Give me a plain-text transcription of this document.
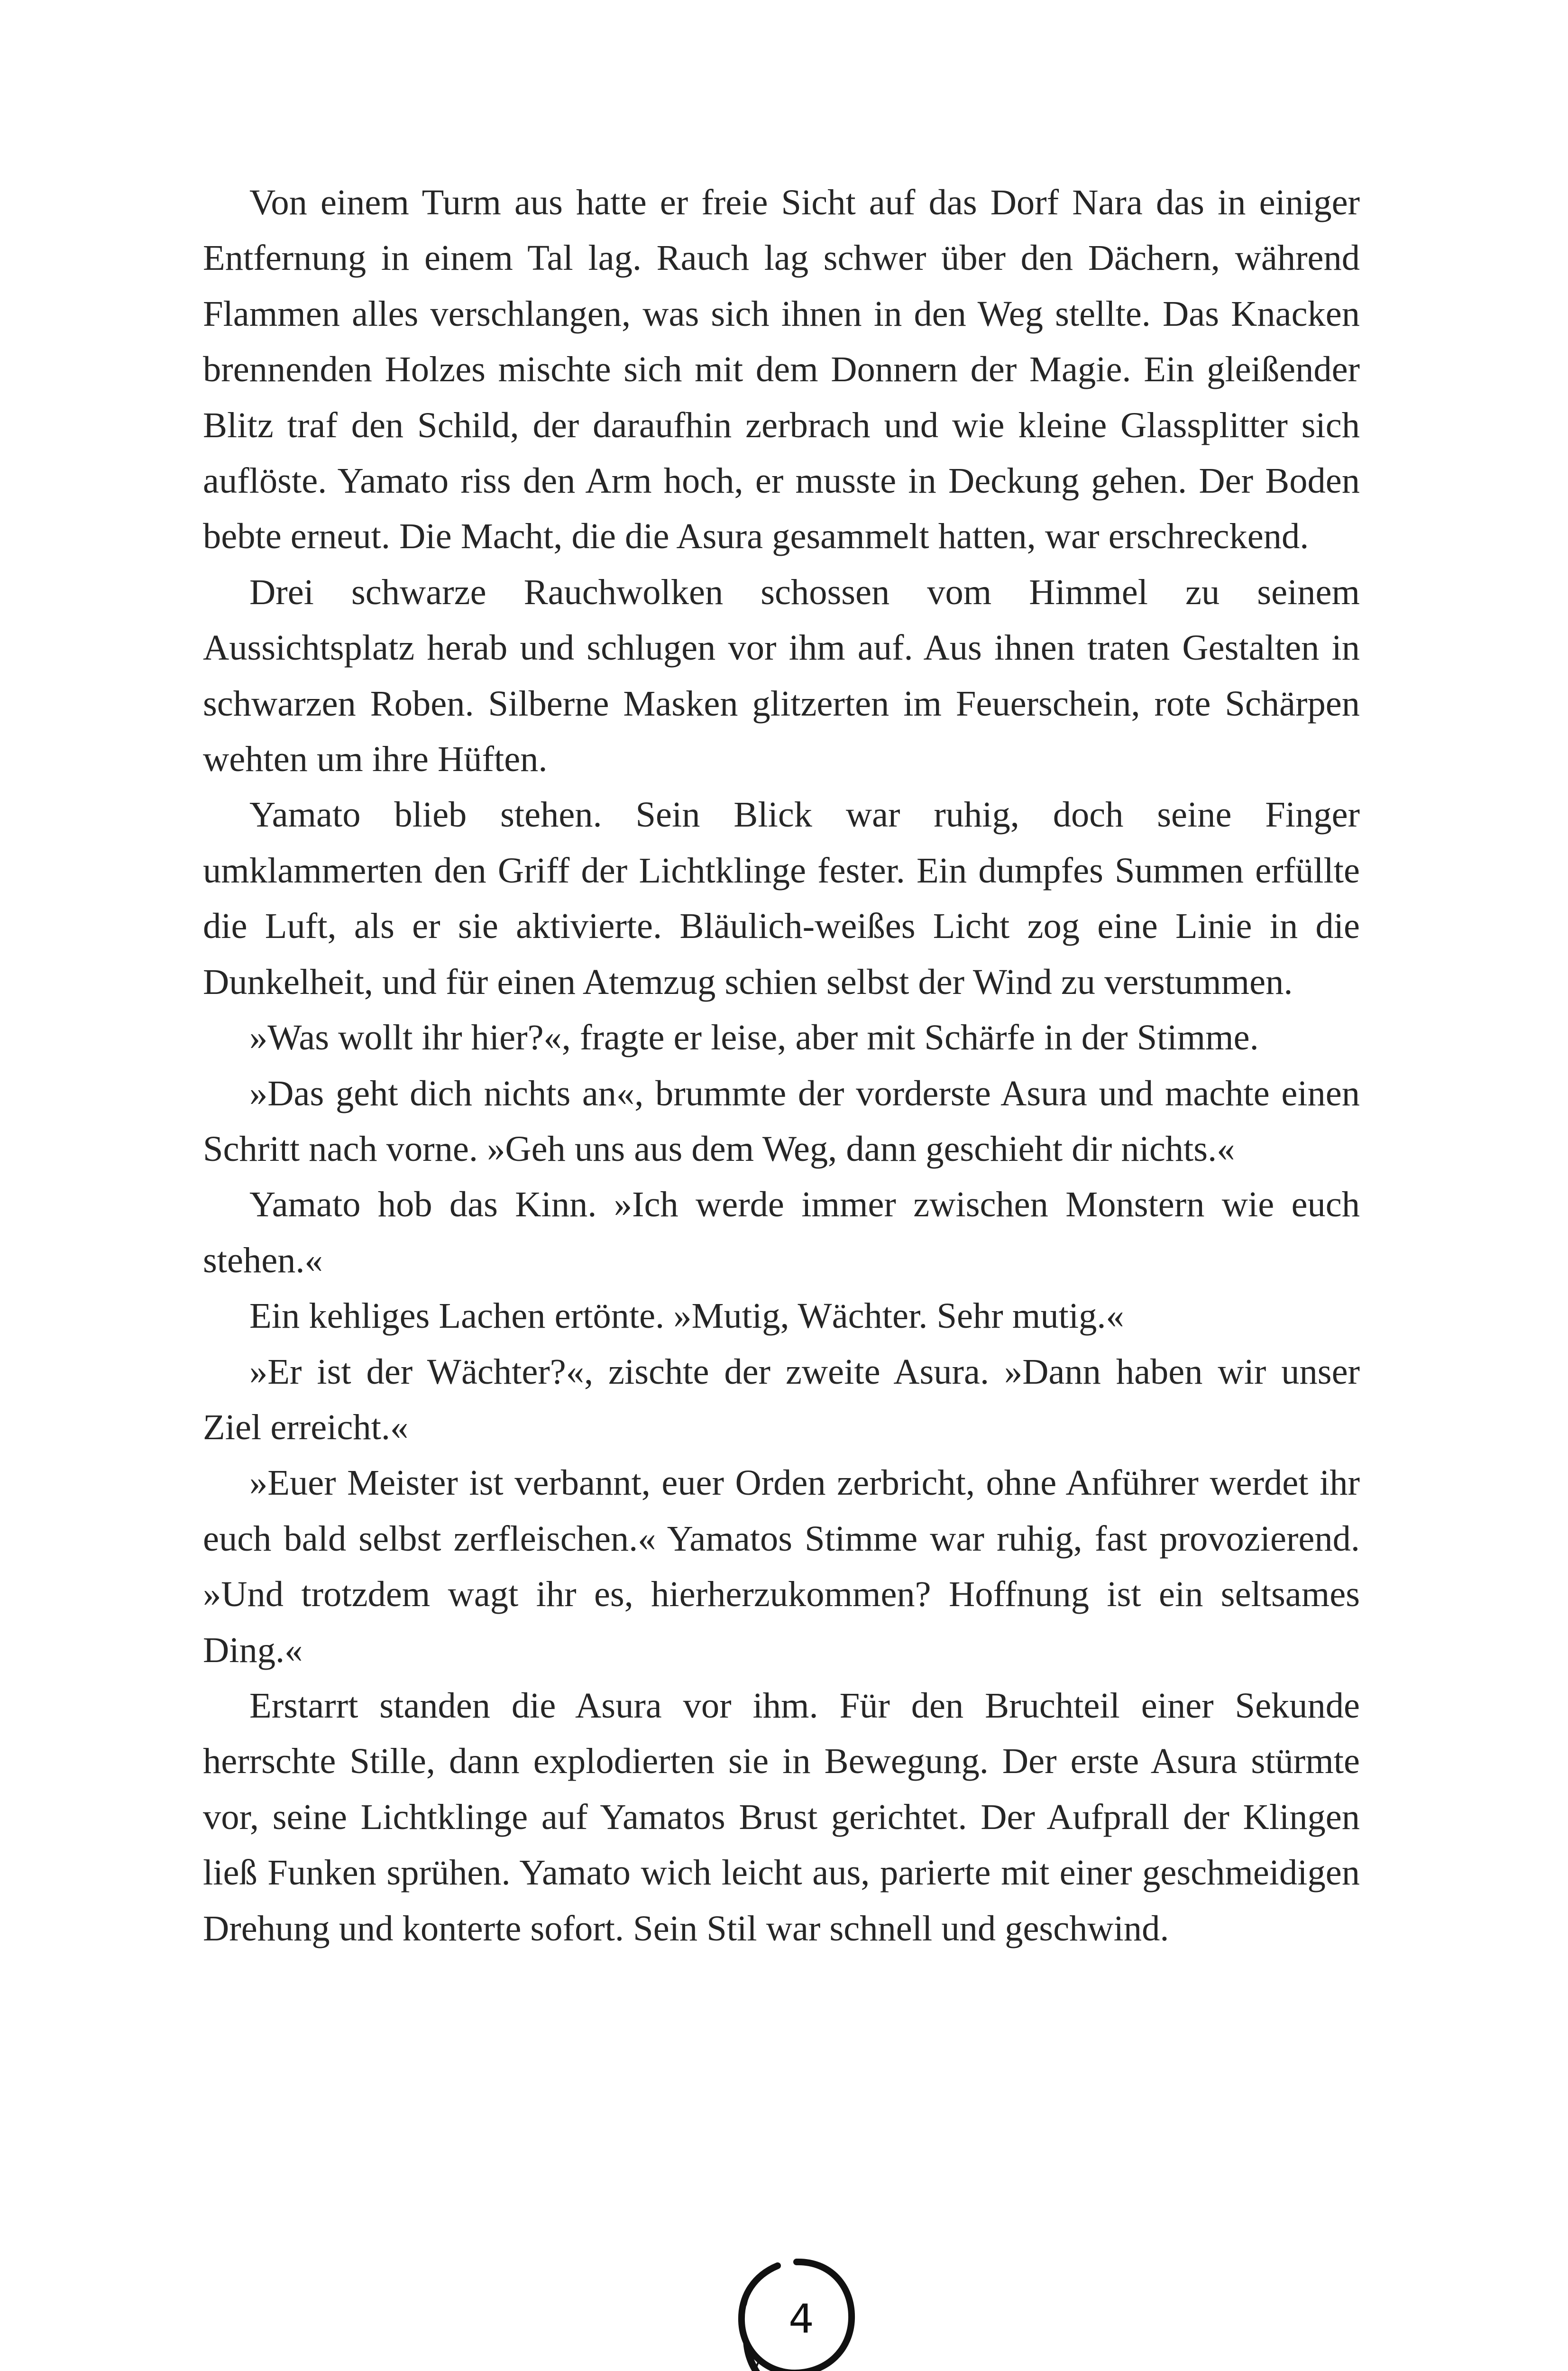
Von einem Turm aus hatte er freie Sicht auf das Dorf Nara das in einiger Entfernung in einem Tal lag. Rauch lag schwer über den Dächern, während Flammen alles verschlangen, was sich ihnen in den Weg stellte. Das Knacken brennenden Holzes mischte sich mit dem Donnern der Magie. Ein gleißender Blitz traf den Schild, der daraufhin zerbrach und wie kleine Glassplitter sich auflöste. Yamato riss den Arm hoch, er musste in Deckung gehen. Der Boden bebte erneut. Die Macht, die die Asura gesammelt hatten, war erschreckend.

Drei schwarze Rauchwolken schossen vom Himmel zu seinem Aussichtsplatz herab und schlugen vor ihm auf. Aus ihnen traten Gestalten in schwarzen Roben. Silberne Masken glitzerten im Feuerschein, rote Schärpen wehten um ihre Hüften.

Yamato blieb stehen. Sein Blick war ruhig, doch seine Finger umklammerten den Griff der Lichtklinge fester. Ein dumpfes Summen erfüllte die Luft, als er sie aktivierte. Bläulich-weißes Licht zog eine Linie in die Dunkelheit, und für einen Atemzug schien selbst der Wind zu verstummen.

»Was wollt ihr hier?«, fragte er leise, aber mit Schärfe in der Stimme.

»Das geht dich nichts an«, brummte der vorderste Asura und machte einen Schritt nach vorne. »Geh uns aus dem Weg, dann geschieht dir nichts.«

Yamato hob das Kinn. »Ich werde immer zwischen Monstern wie euch stehen.«

Ein kehliges Lachen ertönte. »Mutig, Wächter. Sehr mutig.«

»Er ist der Wächter?«, zischte der zweite Asura. »Dann haben wir unser Ziel erreicht.«

»Euer Meister ist verbannt, euer Orden zerbricht, ohne Anführer werdet ihr euch bald selbst zerfleischen.« Yamatos Stimme war ruhig, fast provozierend. »Und trotzdem wagt ihr es, hierherzukommen? Hoffnung ist ein seltsames Ding.«

Erstarrt standen die Asura vor ihm. Für den Bruchteil einer Sekunde herrschte Stille, dann explodierten sie in Bewegung. Der erste Asura stürmte vor, seine Lichtklinge auf Yamatos Brust gerichtet. Der Aufprall der Klingen ließ Funken sprühen. Yamato wich leicht aus, parierte mit einer geschmeidigen Drehung und konterte sofort. Sein Stil war schnell und geschwind.

4
